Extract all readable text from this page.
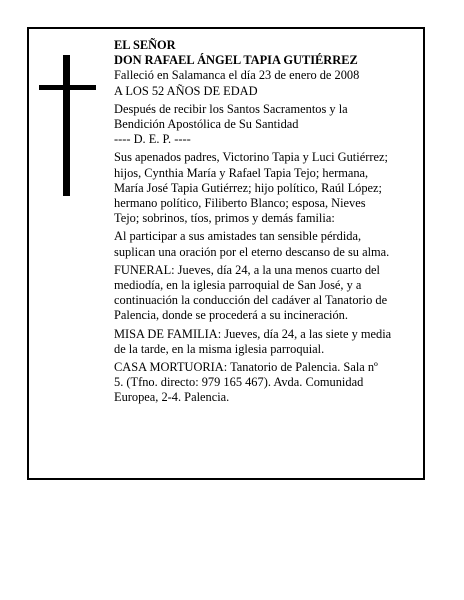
EL SEÑOR

DON RAFAEL ÁNGEL TAPIA GUTIÉRREZ

Falleció en Salamanca el día 23 de enero de 2008

A LOS 52 AÑOS DE EDAD

Después de recibir los Santos Sacramentos y la
Bendición Apostólica de Su Santidad

---- D. E. P. ----

Sus apenados padres, Victorino Tapia y Luci Gutiérrez;
hijos, Cynthia María y Rafael Tapia Tejo; hermana,
María José Tapia Gutiérrez; hijo político, Raúl López;
hermano político, Filiberto Blanco; esposa, Nieves
Tejo; sobrinos, tíos, primos y demás familia:
Al participar a sus amistades tan sensible pérdida,
suplican una oración por el eterno descanso de su alma.
FUNERAL: Jueves, día 24, a la una menos cuarto del
mediodía, en la iglesia parroquial de San José, y a
continuación la conducción del cadáver al Tanatorio de
Palencia, donde se procederá a su incineración.
MISA DE FAMILIA: Jueves, día 24, a las siete y media
de la tarde, en la misma iglesia parroquial.
CASA MORTUORIA: Tanatorio de Palencia. Sala nº
5. (Tfno. directo: 979 165 467). Avda. Comunidad
Europea, 2-4. Palencia.
